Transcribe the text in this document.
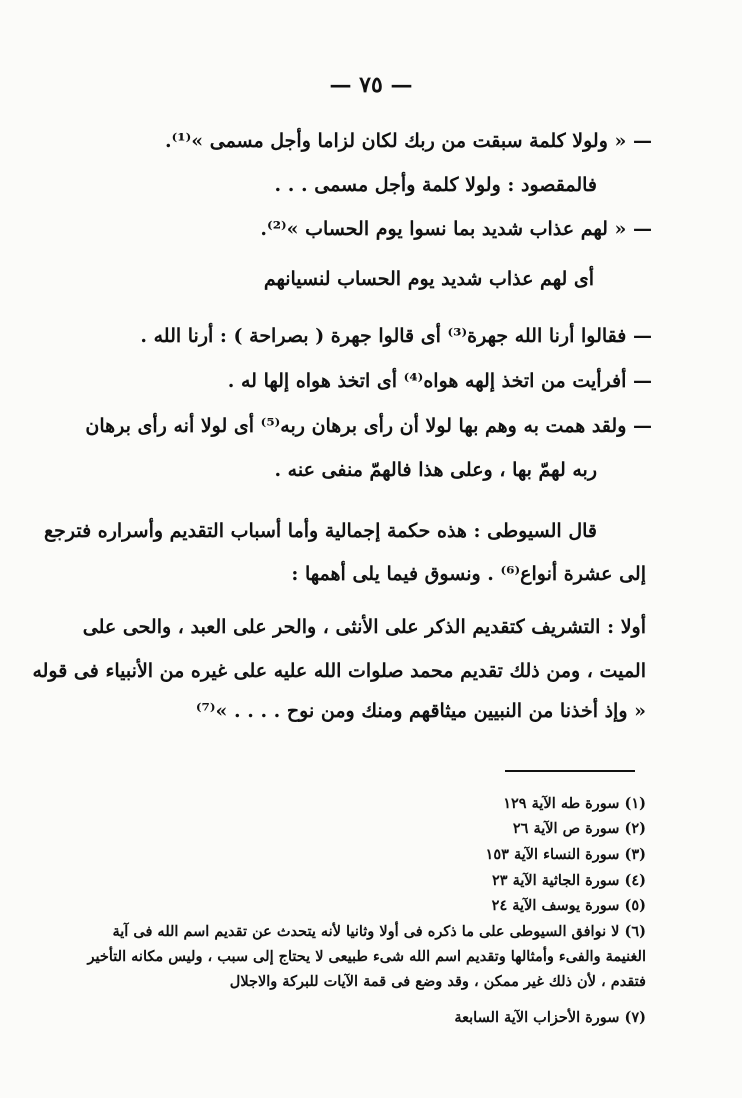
— ٧٥ —
— « ولولا كلمة سبقت من ربك لكان لزاما وأجل مسمى »⁽¹⁾.
فالمقصود : ولولا كلمة وأجل مسمى . . .
— « لهم عذاب شديد بما نسوا يوم الحساب »⁽²⁾.
أى لهم عذاب شديد يوم الحساب لنسيانهم
— فقالوا أرنا الله جهرة⁽³⁾ أى قالوا جهرة ( بصراحة ) : أرنا الله .
— أفرأيت من اتخذ إلهه هواه⁽⁴⁾ أى اتخذ هواه إلها له .
— ولقد همت به وهم بها لولا أن رأى برهان ربه⁽⁵⁾ أى لولا أنه رأى برهان
ربه لهمّ بها ، وعلى هذا فالهمّ منفى عنه .
قال السيوطى : هذه حكمة إجمالية وأما أسباب التقديم وأسراره فترجع
إلى عشرة أنواع⁽⁶⁾ . ونسوق فيما يلى أهمها :
أولا : التشريف كتقديم الذكر على الأنثى ، والحر على العبد ، والحى على
الميت ، ومن ذلك تقديم محمد صلوات الله عليه على غيره من الأنبياء فى قوله
« وإذ أخذنا من النبيين ميثاقهم ومنك ومن نوح . . . . »⁽⁷⁾
(١) سورة طه الآية ١٢٩
(٢) سورة ص الآية ٢٦
(٣) سورة النساء الآية ١٥٣
(٤) سورة الجاثية الآية ٢٣
(٥) سورة يوسف الآية ٢٤
(٦) لا نوافق السيوطى على ما ذكره فى أولا وثانيا لأنه يتحدث عن تقديم اسم الله فى آية
الغنيمة والفىء وأمثالها وتقديم اسم الله شىء طبيعى لا يحتاج إلى سبب ، وليس مكانه التأخير
فتقدم ، لأن ذلك غير ممكن ، وقد وضع فى قمة الآيات للبركة والاجلال
(٧) سورة الأحزاب الآية السابعة
